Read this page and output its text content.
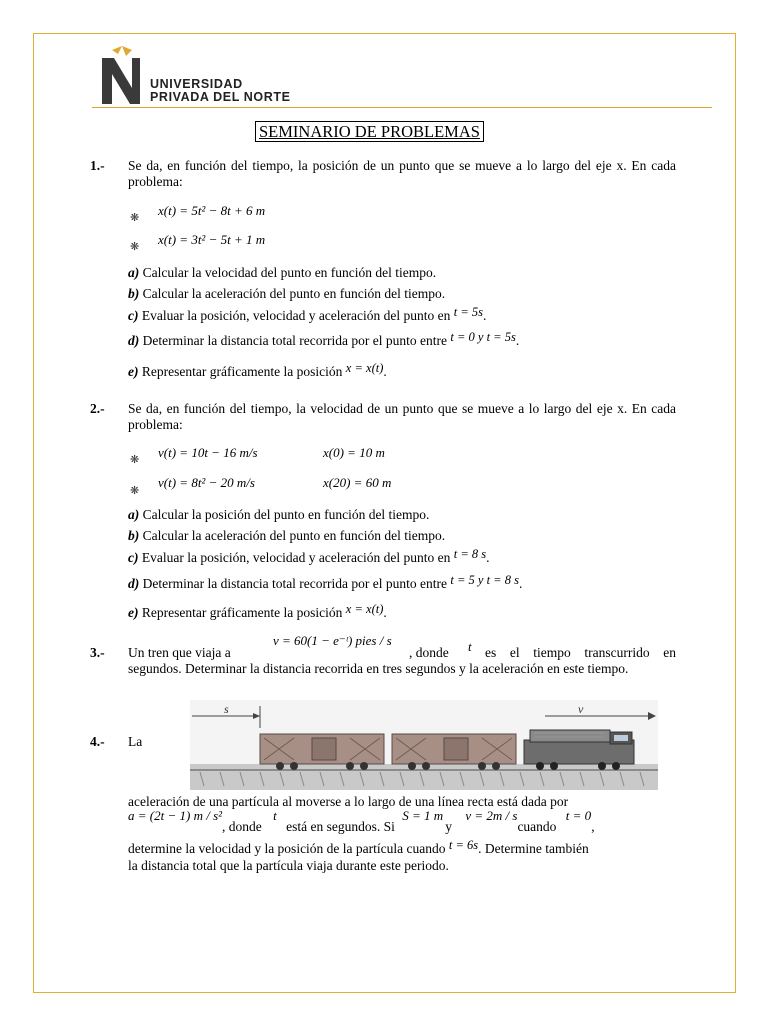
UNIVERSIDAD
PRIVADA DEL NORTE
SEMINARIO DE PROBLEMAS
1.- Se da, en función del tiempo, la posición de un punto que se mueve a lo largo del eje x. En cada problema:
❋ x(t) = 5t² − 8t + 6 m
❋ x(t) = 3t² − 5t + 1 m
a) Calcular la velocidad del punto en función del tiempo.
b) Calcular la aceleración del punto en función del tiempo.
c) Evaluar la posición, velocidad y aceleración del punto en t = 5s.
d) Determinar la distancia total recorrida por el punto entre t = 0 y t = 5s.
e) Representar gráficamente la posición x = x(t).
2.- Se da, en función del tiempo, la velocidad de un punto que se mueve a lo largo del eje x. En cada problema:
❋ v(t) = 10t − 16 m/s	x(0) = 10 m
❋
v(t) = 8t² − 20 m/s	x(20) = 60 m
a) Calcular la posición del punto en función del tiempo.
b) Calcular la aceleración del punto en función del tiempo.
c) Evaluar la posición, velocidad y aceleración del punto en t = 8 s.
d) Determinar la distancia total recorrida por el punto entre t = 5 y t = 8 s.
e) Representar gráficamente la posición x = x(t).
3.- Un tren que viaja a
v = 60(1 − e⁻ᵗ) pies / s
, donde t es el tiempo transcurrido en segundos. Determinar la distancia recorrida en tres segundos y la aceleración en este tiempo.
4.- La
s	v
aceleración de una partícula al moverse a lo largo de una línea recta está dada por
a = (2t − 1) m / s², donde t está en segundos. Si S = 1 my v = 2m / scuando t = 0,
determine la velocidad y la posición de la partícula cuando t = 6s. Determine también
la distancia total que la partícula viaja durante este periodo.
